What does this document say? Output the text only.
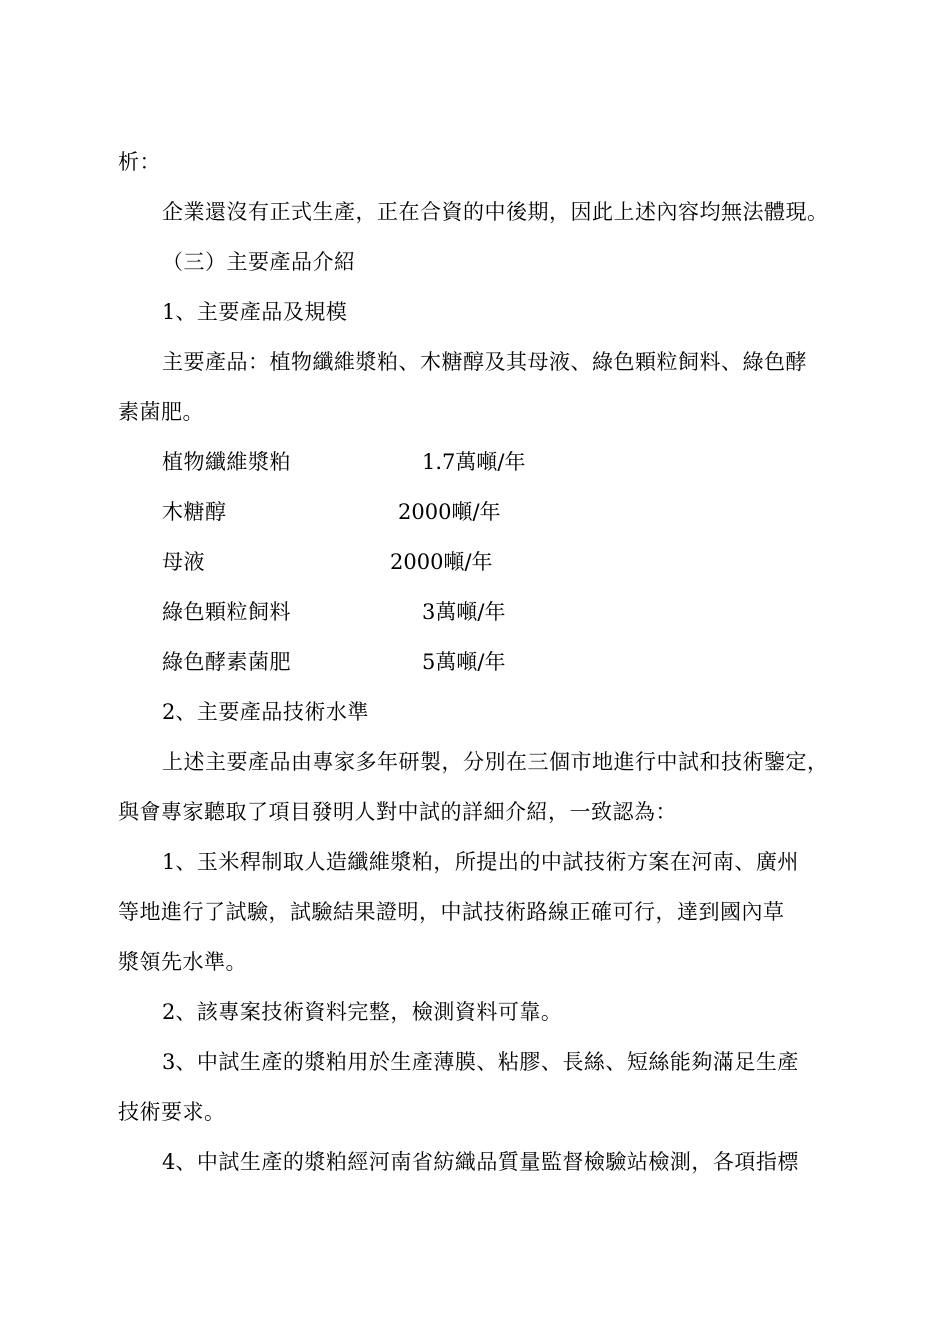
析：
企業還沒有正式生產，正在合資的中後期，因此上述內容均無法體現。
（三）主要產品介紹
1、主要產品及規模
主要產品：植物纖維漿粕、木糖醇及其母液、綠色顆粒飼料、綠色酵
素菌肥。
植物纖維漿粕	1.7萬噸/年
木糖醇	2000噸/年
母液	2000噸/年
綠色顆粒飼料	3萬噸/年
綠色酵素菌肥	5萬噸/年
2、主要產品技術水準
上述主要產品由專家多年研製，分別在三個市地進行中試和技術鑒定，
與會專家聽取了項目發明人對中試的詳細介紹，一致認為：
1、玉米稈制取人造纖維漿粕，所提出的中試技術方案在河南、廣州
等地進行了試驗，試驗結果證明，中試技術路線正確可行，達到國內草
漿領先水準。
2、該專案技術資料完整，檢測資料可靠。
3、中試生產的漿粕用於生產薄膜、粘膠、長絲、短絲能夠滿足生產
技術要求。
4、中試生產的漿粕經河南省紡織品質量監督檢驗站檢測，各項指標
